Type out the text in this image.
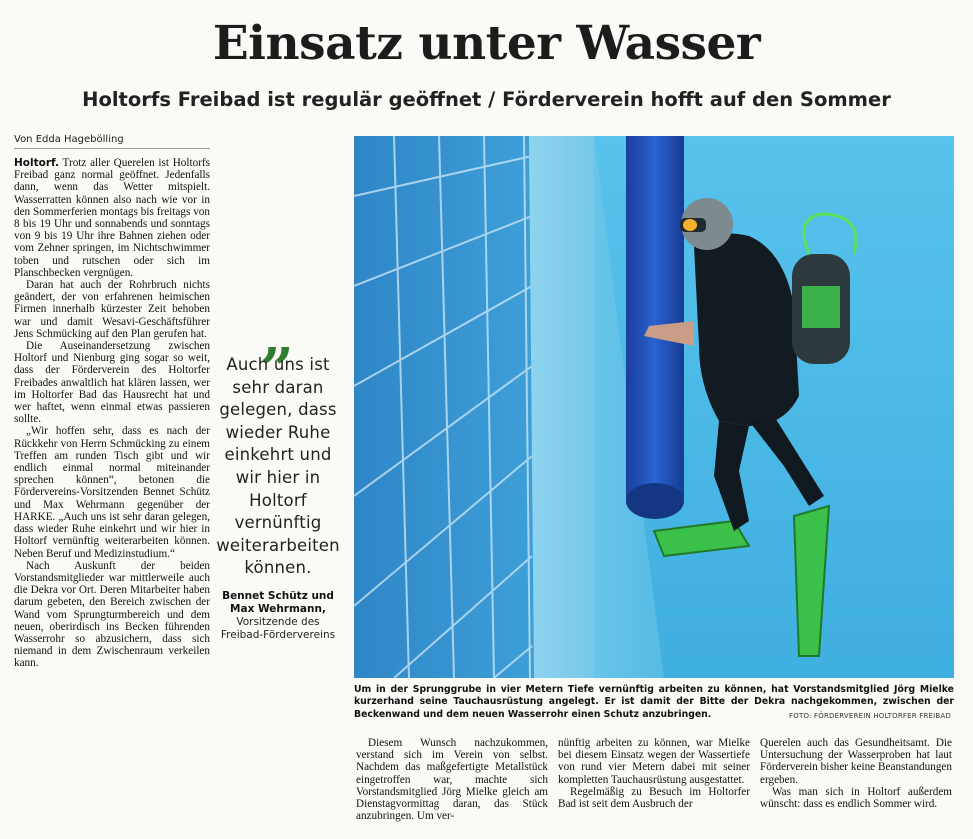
Einsatz unter Wasser
Holtorfs Freibad ist regulär geöffnet / Förderverein hofft auf den Sommer
Von Edda Hagebölling

Holtorf. Trotz aller Querelen ist Holtorfs Freibad ganz normal geöffnet. Jedenfalls dann, wenn das Wetter mitspielt. Wasserratten können also nach wie vor in den Sommerferien montags bis freitags von 8 bis 19 Uhr und sonnabends und sonntags von 9 bis 19 Uhr ihre Bahnen ziehen oder vom Zehner springen, im Nichtschwimmer toben und rutschen oder sich im Planschbecken vergnügen.

Daran hat auch der Rohrbruch nichts geändert, der von erfahrenen heimischen Firmen innerhalb kürzester Zeit behoben war und damit Wesavi-Geschäftsführer Jens Schmücking auf den Plan gerufen hat.

Die Auseinandersetzung zwischen Holtorf und Nienburg ging sogar so weit, dass der Förderverein des Holtorfer Freibades anwaltlich hat klären lassen, wer im Holtorfer Bad das Hausrecht hat und wer haftet, wenn einmal etwas passieren sollte.

„Wir hoffen sehr, dass es nach der Rückkehr von Herrn Schmücking zu einem Treffen am runden Tisch gibt und wir endlich einmal normal miteinander sprechen können“, betonen die Fördervereins-Vorsitzenden Bennet Schütz und Max Wehrmann gegenüber der HARKE. „Auch uns ist sehr daran gelegen, dass wieder Ruhe einkehrt und wir hier in Holtorf vernünftig weiterarbeiten können. Neben Beruf und Medizinstudium.“

Nach Auskunft der beiden Vorstandsmitglieder war mittlerweile auch die Dekra vor Ort. Deren Mitarbeiter haben darum gebeten, den Bereich zwischen der Wand vom Sprungturmbereich und dem neuen, oberirdisch ins Becken führenden Wasserrohr so abzusichern, dass sich niemand in dem Zwischenraum verkeilen kann.

„
Auch uns ist sehr daran gelegen, dass wieder Ruhe einkehrt und wir hier in Holtorf vernünftig weiterarbeiten können.
Bennet Schütz und Max Wehrmann,
Vorsitzende des Freibad-Fördervereins
Um in der Sprunggrube in vier Metern Tiefe vernünftig arbeiten zu können, hat Vorstandsmitglied Jörg Mielke kurzerhand seine Tauchausrüstung angelegt. Er ist damit der Bitte der Dekra nachgekommen, zwischen der Beckenwand und dem neuen Wasserrohr einen Schutz anzubringen.	FOTO: FÖRDERVEREIN HOLTORFER FREIBAD

Diesem Wunsch nachzukommen, verstand sich im Verein von selbst. Nachdem das maßgefertigte Metallstück eingetroffen war, machte sich Vorstandsmitglied Jörg Mielke gleich am Dienstagvormittag daran, das Stück anzubringen. Um ver-

nünftig arbeiten zu können, war Mielke bei diesem Einsatz wegen der Wassertiefe von rund vier Metern dabei mit seiner kompletten Tauchausrüstung ausgestattet.

Regelmäßig zu Besuch im Holtorfer Bad ist seit dem Ausbruch der

Querelen auch das Gesundheitsamt. Die Untersuchung der Wasserproben hat laut Förderverein bisher keine Beanstandungen ergeben.

Was man sich in Holtorf außerdem wünscht: dass es endlich Sommer wird.
